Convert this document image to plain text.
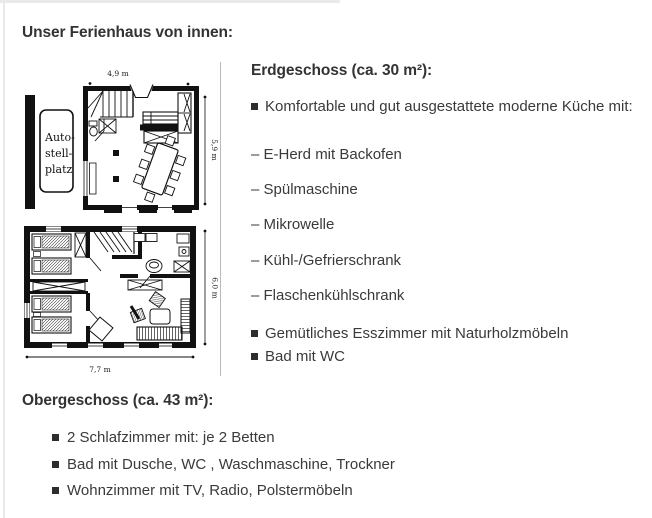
Unser Ferienhaus von innen:
4,9 m
Auto-
stell-
platz
5,9 m
7,7 m
6,0 m
Erdgeschoss (ca. 30 m²):
Komfortable und gut ausgestattete moderne Küche mit:
– E-Herd mit Backofen
– Spülmaschine
– Mikrowelle
– Kühl-/Gefrierschrank
– Flaschenkühlschrank
Gemütliches Esszimmer mit Naturholzmöbeln
Bad mit WC
Obergeschoss (ca. 43 m²):
2 Schlafzimmer mit: je 2 Betten
Bad mit Dusche, WC , Waschmaschine, Trockner
Wohnzimmer mit TV, Radio, Polstermöbeln
